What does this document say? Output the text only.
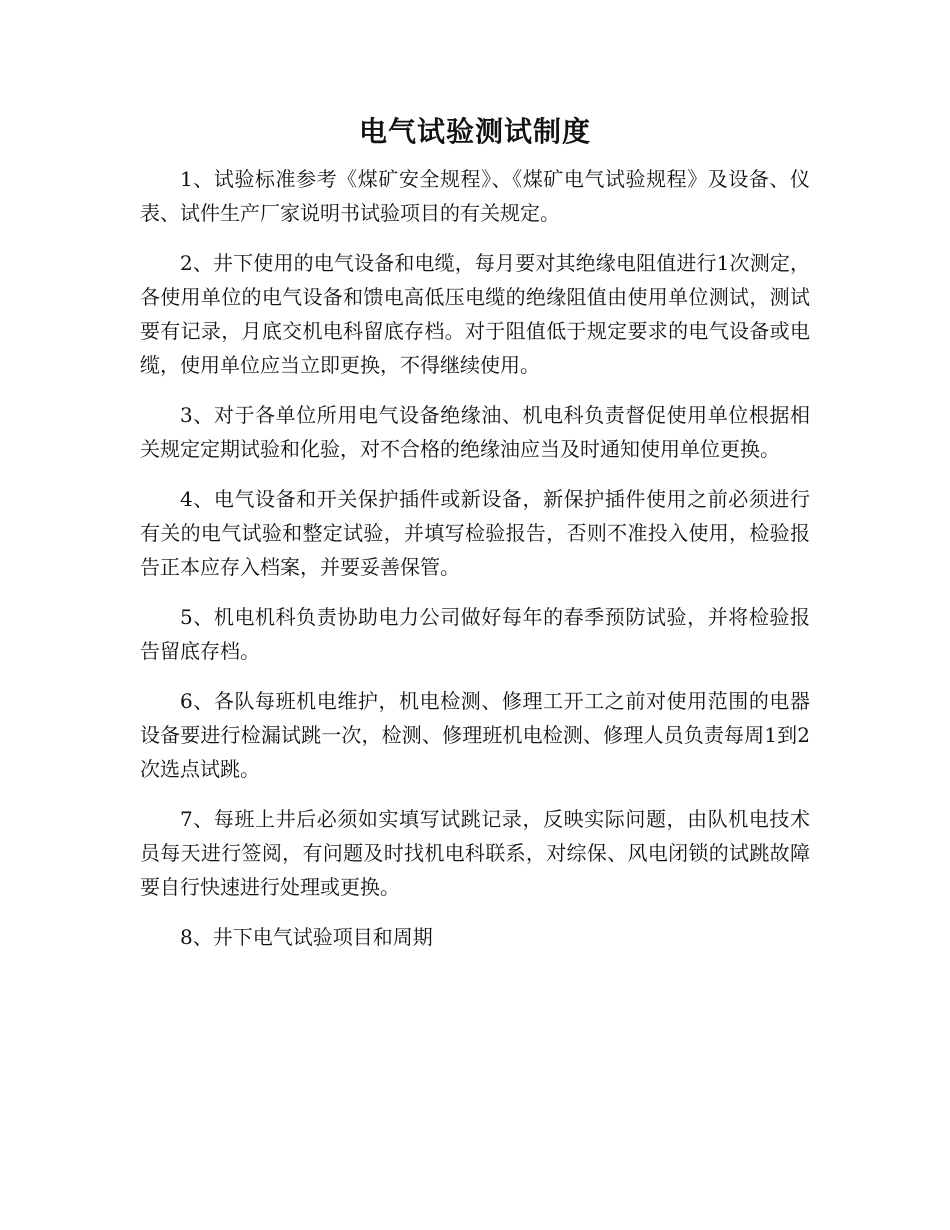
电气试验测试制度

1、试验标准参考《煤矿安全规程》、《煤矿电气试验规程》及设备、仪表、试件生产厂家说明书试验项目的有关规定。

2、井下使用的电气设备和电缆，每月要对其绝缘电阻值进行1次测定，各使用单位的电气设备和馈电高低压电缆的绝缘阻值由使用单位测试，测试要有记录，月底交机电科留底存档。对于阻值低于规定要求的电气设备或电缆，使用单位应当立即更换，不得继续使用。

3、对于各单位所用电气设备绝缘油、机电科负责督促使用单位根据相关规定定期试验和化验，对不合格的绝缘油应当及时通知使用单位更换。

4、电气设备和开关保护插件或新设备，新保护插件使用之前必须进行有关的电气试验和整定试验，并填写检验报告，否则不准投入使用，检验报告正本应存入档案，并要妥善保管。

5、机电机科负责协助电力公司做好每年的春季预防试验，并将检验报告留底存档。

6、各队每班机电维护，机电检测、修理工开工之前对使用范围的电器设备要进行检漏试跳一次，检测、修理班机电检测、修理人员负责每周1到2次选点试跳。

7、每班上井后必须如实填写试跳记录，反映实际问题，由队机电技术员每天进行签阅，有问题及时找机电科联系，对综保、风电闭锁的试跳故障要自行快速进行处理或更换。

8、井下电气试验项目和周期
